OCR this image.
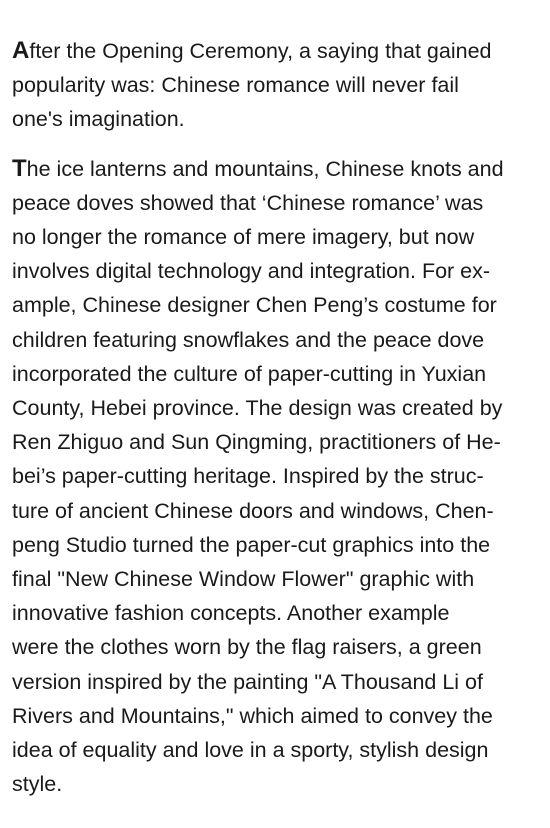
After the Opening Ceremony, a saying that gained
popularity was: Chinese romance will never fail
one's imagination.

The ice lanterns and mountains, Chinese knots and
peace doves showed that ‘Chinese romance’ was
no longer the romance of mere imagery, but now
involves digital technology and integration. For ex-
ample, Chinese designer Chen Peng’s costume for
children featuring snowflakes and the peace dove
incorporated the culture of paper-cutting in Yuxian
County, Hebei province. The design was created by
Ren Zhiguo and Sun Qingming, practitioners of He-
bei’s paper-cutting heritage. Inspired by the struc-
ture of ancient Chinese doors and windows, Chen-
peng Studio turned the paper-cut graphics into the
final "New Chinese Window Flower" graphic with
innovative fashion concepts. Another example
were the clothes worn by the flag raisers, a green
version inspired by the painting "A Thousand Li of
Rivers and Mountains," which aimed to convey the
idea of equality and love in a sporty, stylish design
style.
